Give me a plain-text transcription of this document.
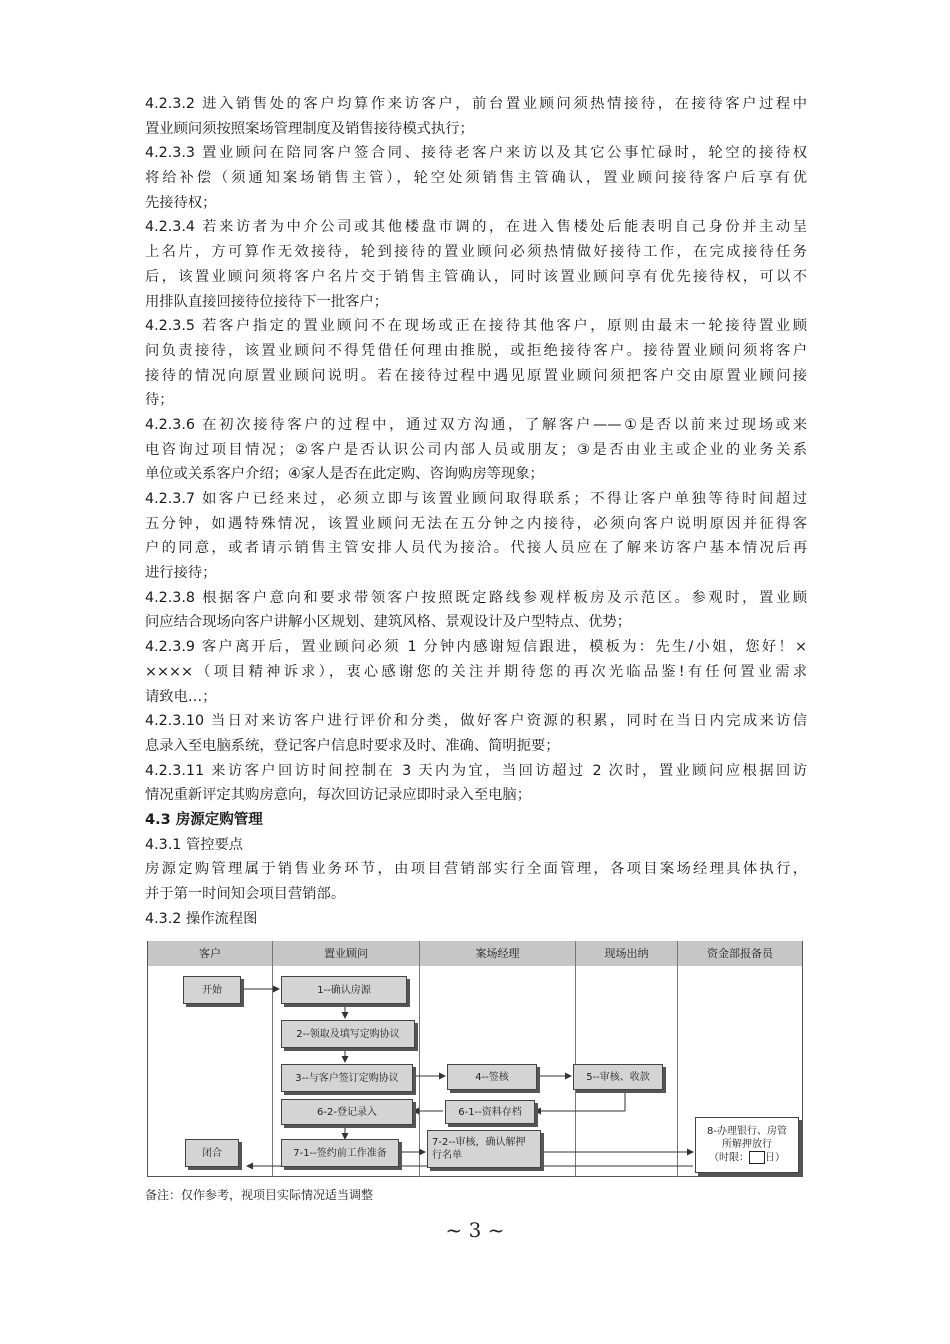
4.2.3.2 进入销售处的客户均算作来访客户，前台置业顾问须热情接待，在接待客户过程中
置业顾问须按照案场管理制度及销售接待模式执行；
4.2.3.3 置业顾问在陪同客户签合同、接待老客户来访以及其它公事忙碌时，轮空的接待权
将给补偿（须通知案场销售主管），轮空处须销售主管确认，置业顾问接待客户后享有优
先接待权；
4.2.3.4 若来访者为中介公司或其他楼盘市调的，在进入售楼处后能表明自己身份并主动呈
上名片，方可算作无效接待，轮到接待的置业顾问必须热情做好接待工作，在完成接待任务
后，该置业顾问须将客户名片交于销售主管确认，同时该置业顾问享有优先接待权，可以不
用排队直接回接待位接待下一批客户；
4.2.3.5 若客户指定的置业顾问不在现场或正在接待其他客户，原则由最末一轮接待置业顾
问负责接待，该置业顾问不得凭借任何理由推脱，或拒绝接待客户。接待置业顾问须将客户
接待的情况向原置业顾问说明。若在接待过程中遇见原置业顾问须把客户交由原置业顾问接
待；
4.2.3.6 在初次接待客户的过程中，通过双方沟通，了解客户——①是否以前来过现场或来
电咨询过项目情况；②客户是否认识公司内部人员或朋友；③是否由业主或企业的业务关系
单位或关系客户介绍；④家人是否在此定购、咨询购房等现象；
4.2.3.7 如客户已经来过，必须立即与该置业顾问取得联系；不得让客户单独等待时间超过
五分钟，如遇特殊情况，该置业顾问无法在五分钟之内接待，必须向客户说明原因并征得客
户的同意，或者请示销售主管安排人员代为接洽。代接人员应在了解来访客户基本情况后再
进行接待；
4.2.3.8 根据客户意向和要求带领客户按照既定路线参观样板房及示范区。参观时，置业顾
问应结合现场向客户讲解小区规划、建筑风格、景观设计及户型特点、优势；
4.2.3.9 客户离开后，置业顾问必须 1 分钟内感谢短信跟进，模板为：先生/小姐，您好！×
××××（项目精神诉求），衷心感谢您的关注并期待您的再次光临品鉴!有任何置业需求
请致电…；
4.2.3.10 当日对来访客户进行评价和分类，做好客户资源的积累，同时在当日内完成来访信
息录入至电脑系统，登记客户信息时要求及时、准确、简明扼要；
4.2.3.11 来访客户回访时间控制在 3 天内为宜，当回访超过 2 次时，置业顾问应根据回访
情况重新评定其购房意向，每次回访记录应即时录入至电脑；
4.3 房源定购管理
4.3.1 管控要点
房源定购管理属于销售业务环节，由项目营销部实行全面管理，各项目案场经理具体执行，
并于第一时间知会项目营销部。
4.3.2 操作流程图
客户	置业顾问	案场经理	现场出纳	资金部报备员
开始	1--确认房源
2--领取及填写定购协议
3--与客户签订定购协议	4--签核	5--审核、收款
6-1--资料存档
6-2-登记录入
闭合	7-1--签约前工作准备
7-2--审核，确认解押
行名单
8-办理银行、房管
所解押放行
（时限： 日）
备注：仅作参考，视项目实际情况适当调整
~ 3 ~
